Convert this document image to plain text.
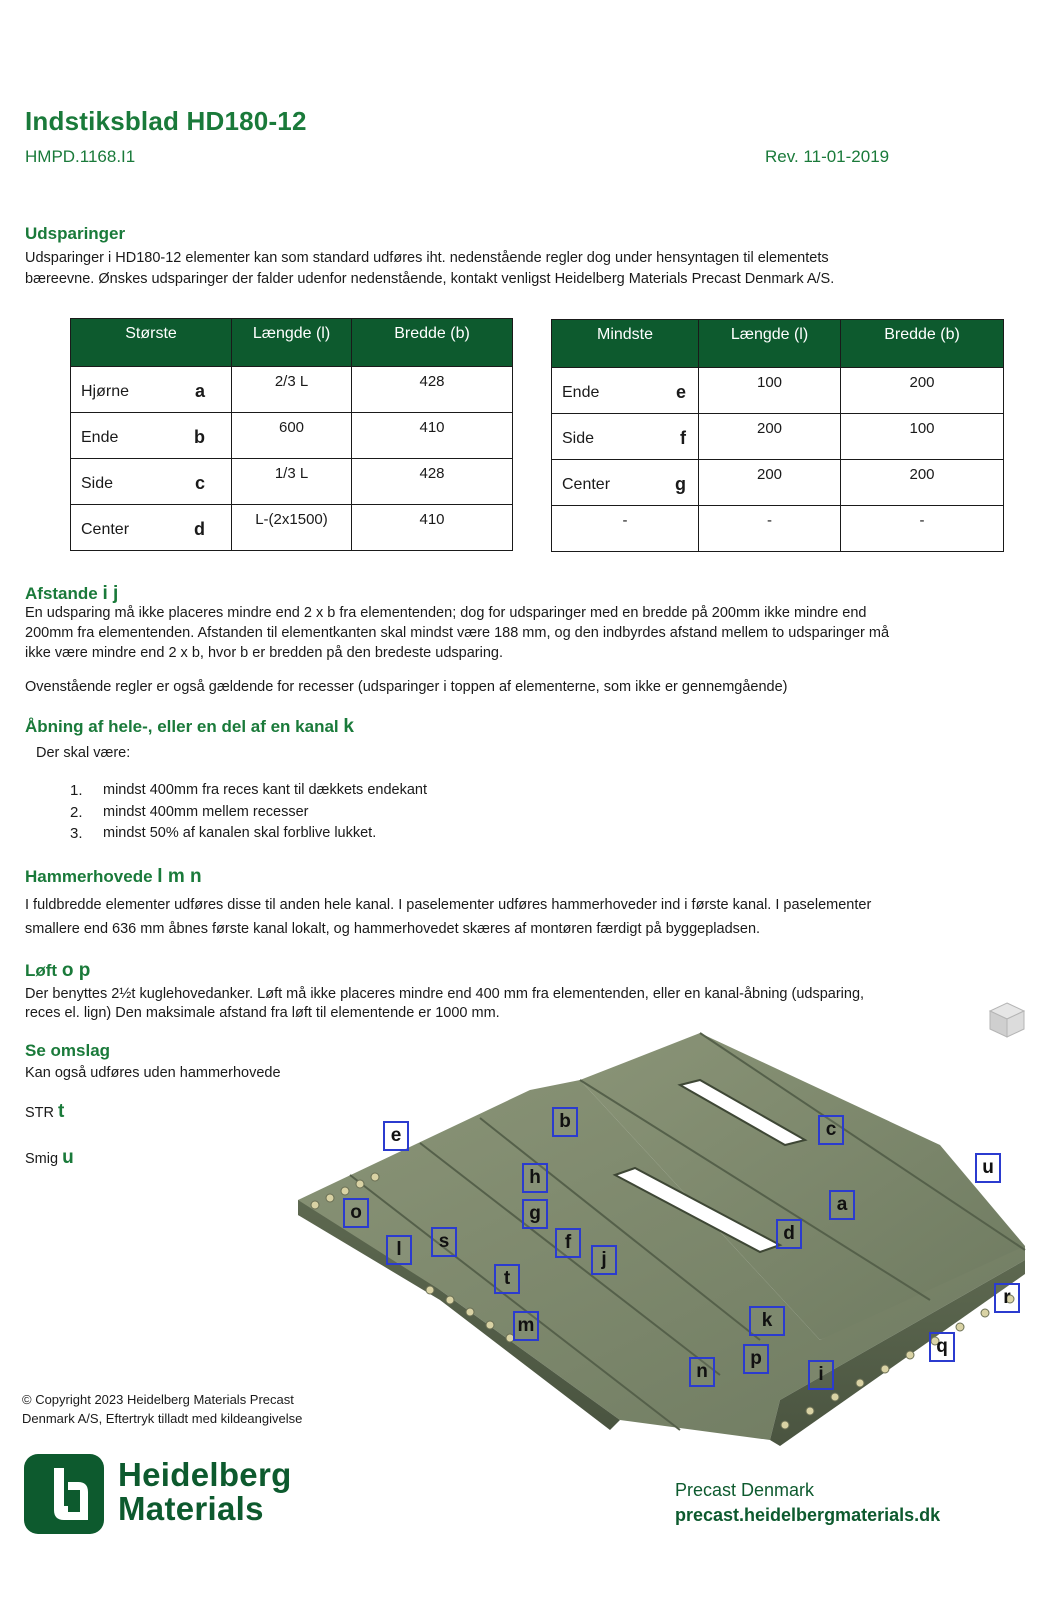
Indstiksblad HD180-12
HMPD.1168.I1	Rev. 11-01-2019
Udsparinger
Udsparinger i HD180-12 elementer kan som standard udføres iht. nedenstående regler dog under hensyntagen til elementets
bæreevne. Ønskes udsparinger der falder udenfor nedenstående, kontakt venligst Heidelberg Materials Precast Denmark A/S.
Største	Længde (l)	Bredde (b)
Hjørne a	2/3 L	428
Ende b	600	410
Side c	1/3 L	428
Center d	L-(2x1500)	410
Mindste	Længde (l)	Bredde (b)
Ende e	100	200
Side f	200	100
Center g	200	200
-	-	-
Afstande i j
En udsparing må ikke placeres mindre end 2 x b fra elementenden; dog for udsparinger med en bredde på 200mm ikke mindre end
200mm fra elementenden. Afstanden til elementkanten skal mindst være 188 mm, og den indbyrdes afstand mellem to udsparinger må
ikke være mindre end 2 x b, hvor b er bredden på den bredeste udsparing.
Ovenstående regler er også gældende for recesser (udsparinger i toppen af elementerne, som ikke er gennemgående)
Åbning af hele-, eller en del af en kanal k
Der skal være:
1.	mindst 400mm fra reces kant til dækkets endekant
2.	mindst 400mm mellem recesser
3.	mindst 50% af kanalen skal forblive lukket.
Hammerhovede l m n
I fuldbredde elementer udføres disse til anden hele kanal. I paselementer udføres hammerhoveder ind i første kanal. I paselementer
smallere end 636 mm åbnes første kanal lokalt, og hammerhovedet skæres af montøren færdigt på byggepladsen.
Løft o p
Der benyttes 2½t kuglehovedanker. Løft må ikke placeres mindre end 400 mm fra elementenden, eller en kanal-åbning (udsparing,
reces el. lign) Den maksimale afstand fra løft til elementende er 1000 mm.
Se omslag
Kan også udføres uden hammerhovede
STR t
Smig u
a
b	c
d
e
f
g
h
i
j
k
l
m
n
o
p
q
r
s
t
u
© Copyright 2023 Heidelberg Materials Precast
Denmark A/S, Eftertryk tilladt med kildeangivelse
Heidelberg
Materials	Precast Denmark
precast.heidelbergmaterials.dk
